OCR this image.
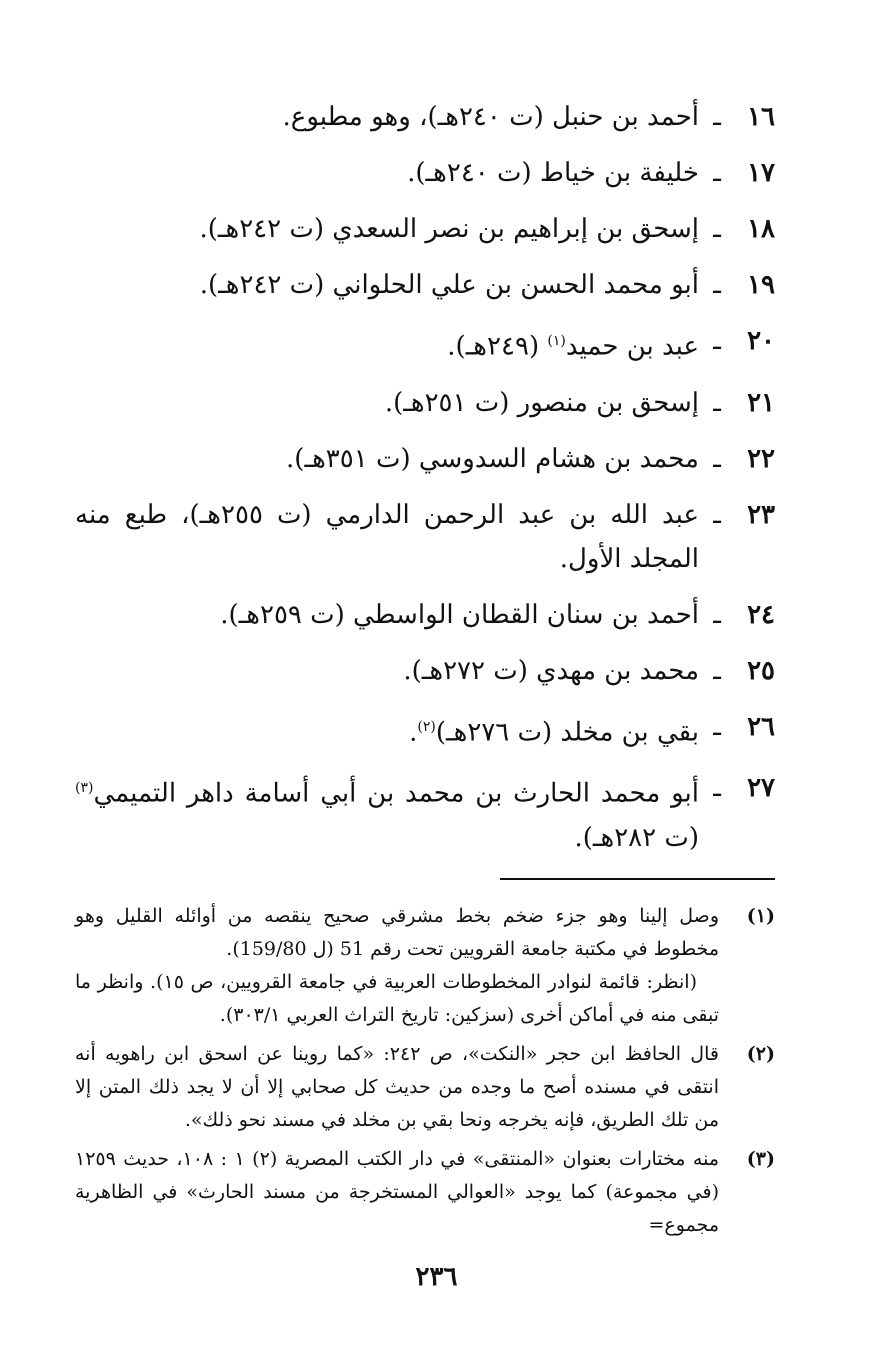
١٦
ـ
أحمد بن حنبل (ت ٢٤٠هـ)، وهو مطبوع.
١٧
ـ
خليفة بن خياط (ت ٢٤٠هـ).
١٨
ـ
إسحق بن إبراهيم بن نصر السعدي (ت ٢٤٢هـ).
١٩
ـ
أبو محمد الحسن بن علي الحلواني (ت ٢٤٢هـ).
٢٠
ـ
عبد بن حميد$^{(١)}$ (٢٤٩هـ).
٢١
ـ
إسحق بن منصور (ت ٢٥١هـ).
٢٢
ـ
محمد بن هشام السدوسي (ت ٣٥١هـ).
٢٣
ـ
عبد الله بن عبد الرحمن الدارمي (ت ٢٥٥هـ)، طبع منه المجلد الأول.
٢٤
ـ
أحمد بن سنان القطان الواسطي (ت ٢٥٩هـ).
٢٥
ـ
محمد بن مهدي (ت ٢٧٢هـ).
٢٦
ـ
بقي بن مخلد (ت ٢٧٦هـ)$^{(٢)}$.
٢٧
ـ
أبو محمد الحارث بن محمد بن أبي أسامة داهر التميمي$^{(٣)}$ (ت ٢٨٢هـ).
(١)

وصل إلينا وهو جزء ضخم بخط مشرقي صحيح ينقصه من أوائله القليل وهو مخطوط في مكتبة جامعة القرويين تحت رقم 51 (ل 159/80).

(انظر: قائمة لنوادر المخطوطات العربية في جامعة القرويين، ص ١٥). وانظر ما تبقى منه في أماكن أخرى (سزكين: تاريخ التراث العربي ٣٠٣/١).

(٢)

قال الحافظ ابن حجر «النكت»، ص ٢٤٢: «كما روينا عن اسحق ابن راهويه أنه انتقى في مسنده أصح ما وجده من حديث كل صحابي إلا أن لا يجد ذلك المتن إلا من تلك الطريق، فإنه يخرجه ونحا بقي بن مخلد في مسند نحو ذلك».

(٣)

منه مختارات بعنوان «المنتقى» في دار الكتب المصرية (٢) ١ : ١٠٨، حديث ١٢٥٩ (في مجموعة) كما يوجد «العوالي المستخرجة من مسند الحارث» في الظاهرية مجموع=

٢٣٦
